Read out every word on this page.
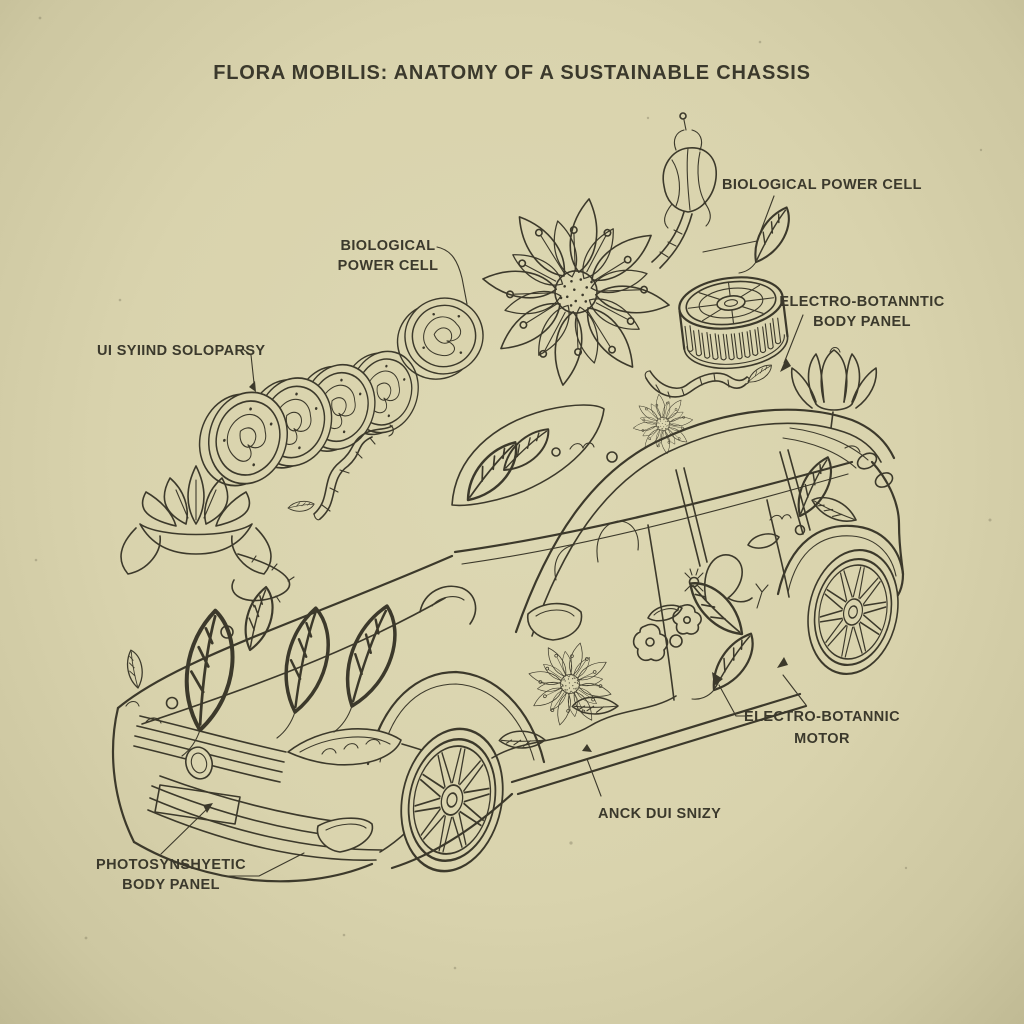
FLORA MOBILIS: ANATOMY OF A SUSTAINABLE CHASSIS
BIOLOGICAL POWER CELL
BIOLOGICAL
POWER CELL
ELECTRO-BOTANNTIC
BODY PANEL
UI SYIIND SOLOPARSY
ELECTRO-BOTANNIC
MOTOR
ANCK DUI SNIZY
PHOTOSYNSHYETIC
BODY PANEL
